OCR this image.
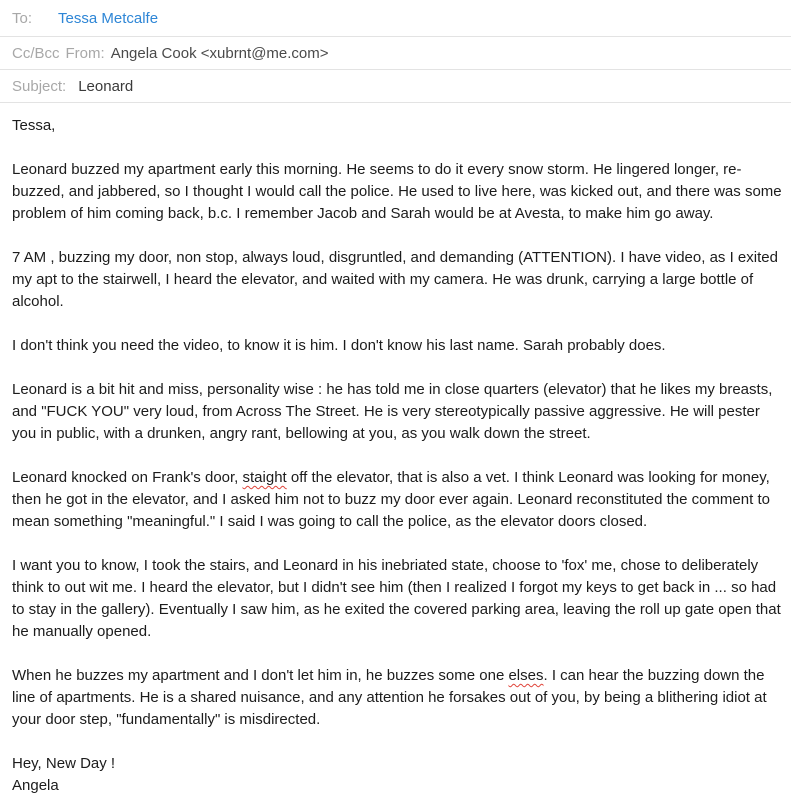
To:	Tessa Metcalfe
Cc/Bcc From: Angela Cook <xubrnt@me.com>
Subject: Leonard

Tessa,

Leonard buzzed my apartment early this morning. He seems to do it every snow storm. He lingered longer, re-buzzed, and jabbered, so I thought I would call the police. He used to live here, was kicked out, and there was some problem of him coming back, b.c. I remember Jacob and Sarah would be at Avesta, to make him go away.

7 AM , buzzing my door, non stop, always loud, disgruntled, and demanding (ATTENTION). I have video, as I exited my apt to the stairwell, I heard the elevator, and waited with my camera. He was drunk, carrying a large bottle of alcohol.

I don't think you need the video, to know it is him. I don't know his last name. Sarah probably does.

Leonard is a bit hit and miss, personality wise : he has told me in close quarters (elevator) that he likes my breasts, and "FUCK YOU" very loud, from Across The Street. He is very stereotypically passive aggressive. He will pester you in public, with a drunken, angry rant, bellowing at you, as you walk down the street.

Leonard knocked on Frank's door, staight off the elevator, that is also a vet. I think Leonard was looking for money, then he got in the elevator, and I asked him not to buzz my door ever again. Leonard reconstituted the comment to mean something "meaningful." I said I was going to call the police, as the elevator doors closed.

I want you to know, I took the stairs, and Leonard in his inebriated state, choose to 'fox' me, chose to deliberately think to out wit me. I heard the elevator, but I didn't see him (then I realized I forgot my keys to get back in ... so had to stay in the gallery). Eventually I saw him, as he exited the covered parking area, leaving the roll up gate open that he manually opened.

When he buzzes my apartment and I don't let him in, he buzzes some one elses. I can hear the buzzing down the line of apartments. He is a shared nuisance, and any attention he forsakes out of you, by being a blithering idiot at your door step, "fundamentally" is misdirected.

Hey, New Day !

Angela
